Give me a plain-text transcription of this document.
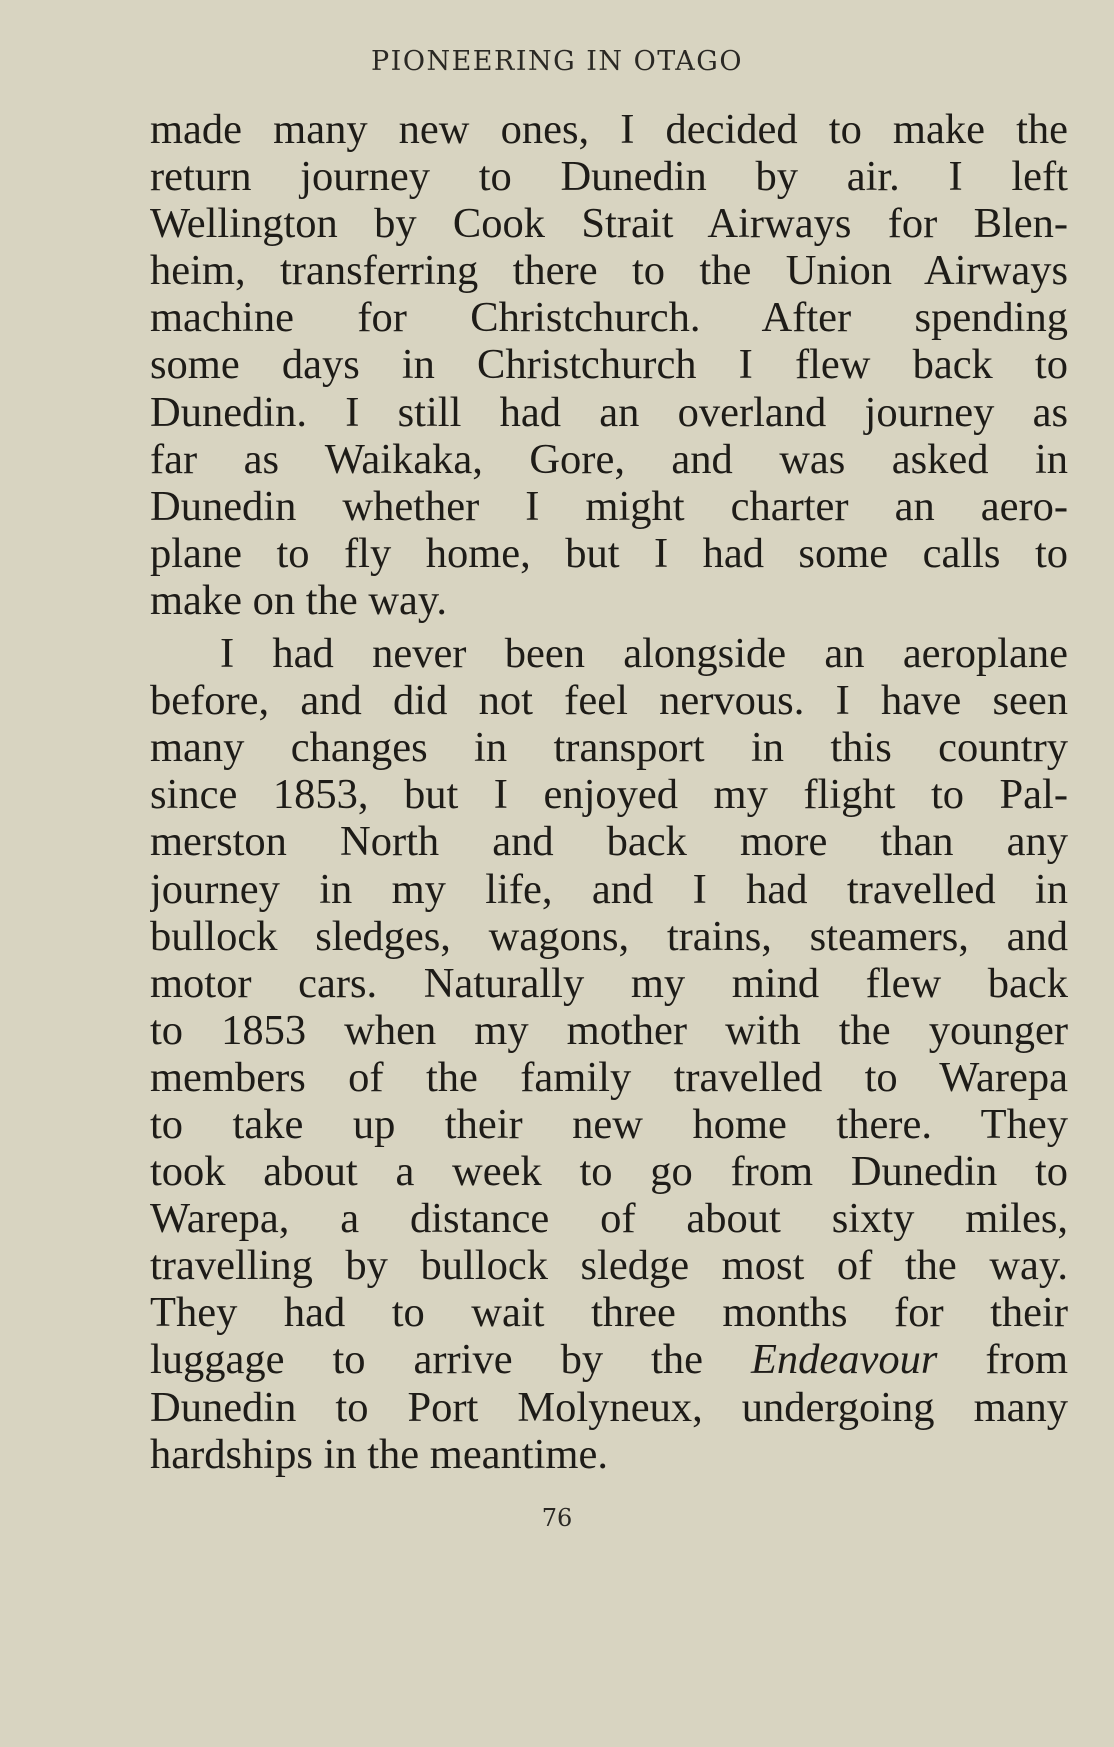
PIONEERING IN OTAGO
made many new ones, I decided to make the
return journey to Dunedin by air. I left
Wellington by Cook Strait Airways for Blen-
heim, transferring there to the Union Airways
machine for Christchurch. After spending
some days in Christchurch I flew back to
Dunedin. I still had an overland journey as
far as Waikaka, Gore, and was asked in
Dunedin whether I might charter an aero-
plane to fly home, but I had some calls to
make on the way.
I had never been alongside an aeroplane
before, and did not feel nervous. I have seen
many changes in transport in this country
since 1853, but I enjoyed my flight to Pal-
merston North and back more than any
journey in my life, and I had travelled in
bullock sledges, wagons, trains, steamers, and
motor cars. Naturally my mind flew back
to 1853 when my mother with the younger
members of the family travelled to Warepa
to take up their new home there. They
took about a week to go from Dunedin to
Warepa, a distance of about sixty miles,
travelling by bullock sledge most of the way.
They had to wait three months for their
luggage to arrive by the Endeavour from
Dunedin to Port Molyneux, undergoing many
hardships in the meantime.
76
